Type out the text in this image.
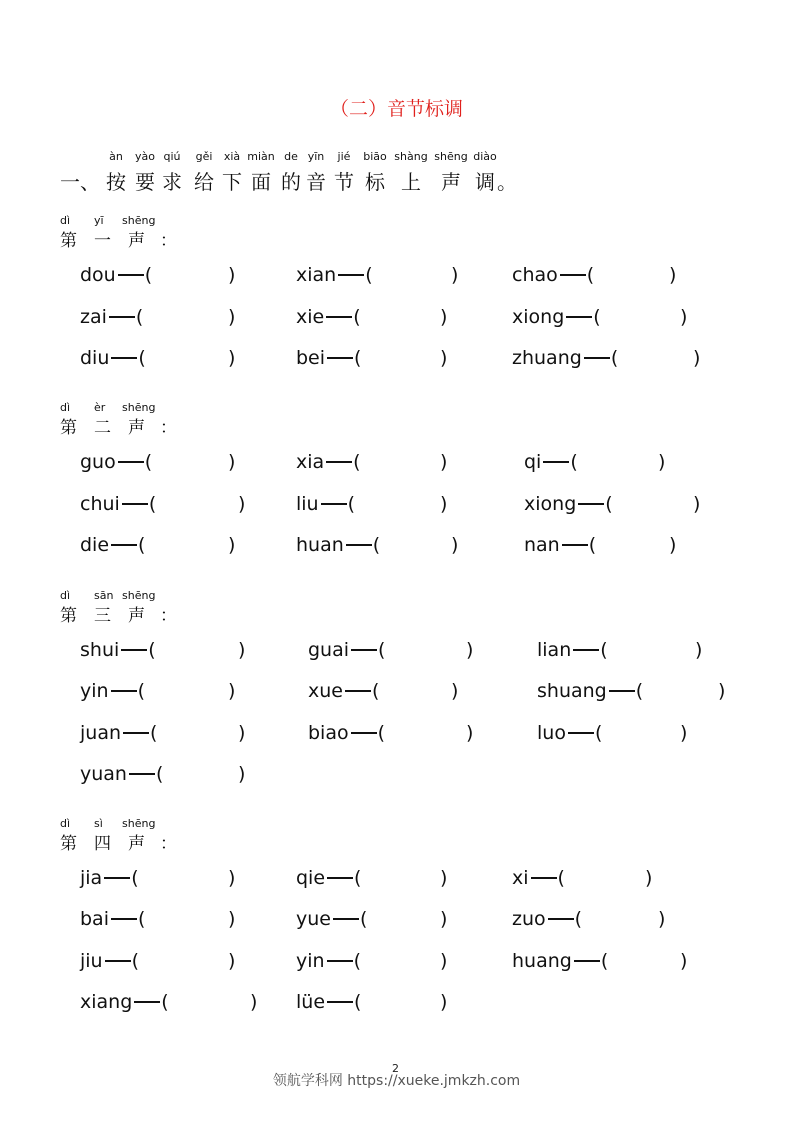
（二）音节标调
一、
àn yào qiú gěi xià miàn de yīn jié biāo shàng shēng diào
按 要 求 给 下 面 的 音 节 标 上 声 调 。
dì yī shēng
第 一 声 ：
dou (	)	xian (	)	chao (	)
zai (	)	xie (	)	xiong (	)
diu (	)	bei (	)	zhuang (	)
dì èr shēng
第 二 声 ：
guo (	)	xia (	)	qi (	)
chui (	)	liu (	)	xiong (	)
die (	)	huan (	)	nan (	)
dì sān shēng
第 三 声 ：
shui (	)	guai (	)	lian (	)
yin (	)	xue (	)	shuang (	)
juan (	)	biao (	)	luo (	)
yuan (	)
dì sì shēng
第 四 声 ：
jia (	)	qie (	)	xi (	)
bai (	)	yue (	)	zuo (	)
jiu (	)	yin (	)	huang (	)
xiang (	) lüe (	)
2
领航学科网 https://xueke.jmkzh.com
